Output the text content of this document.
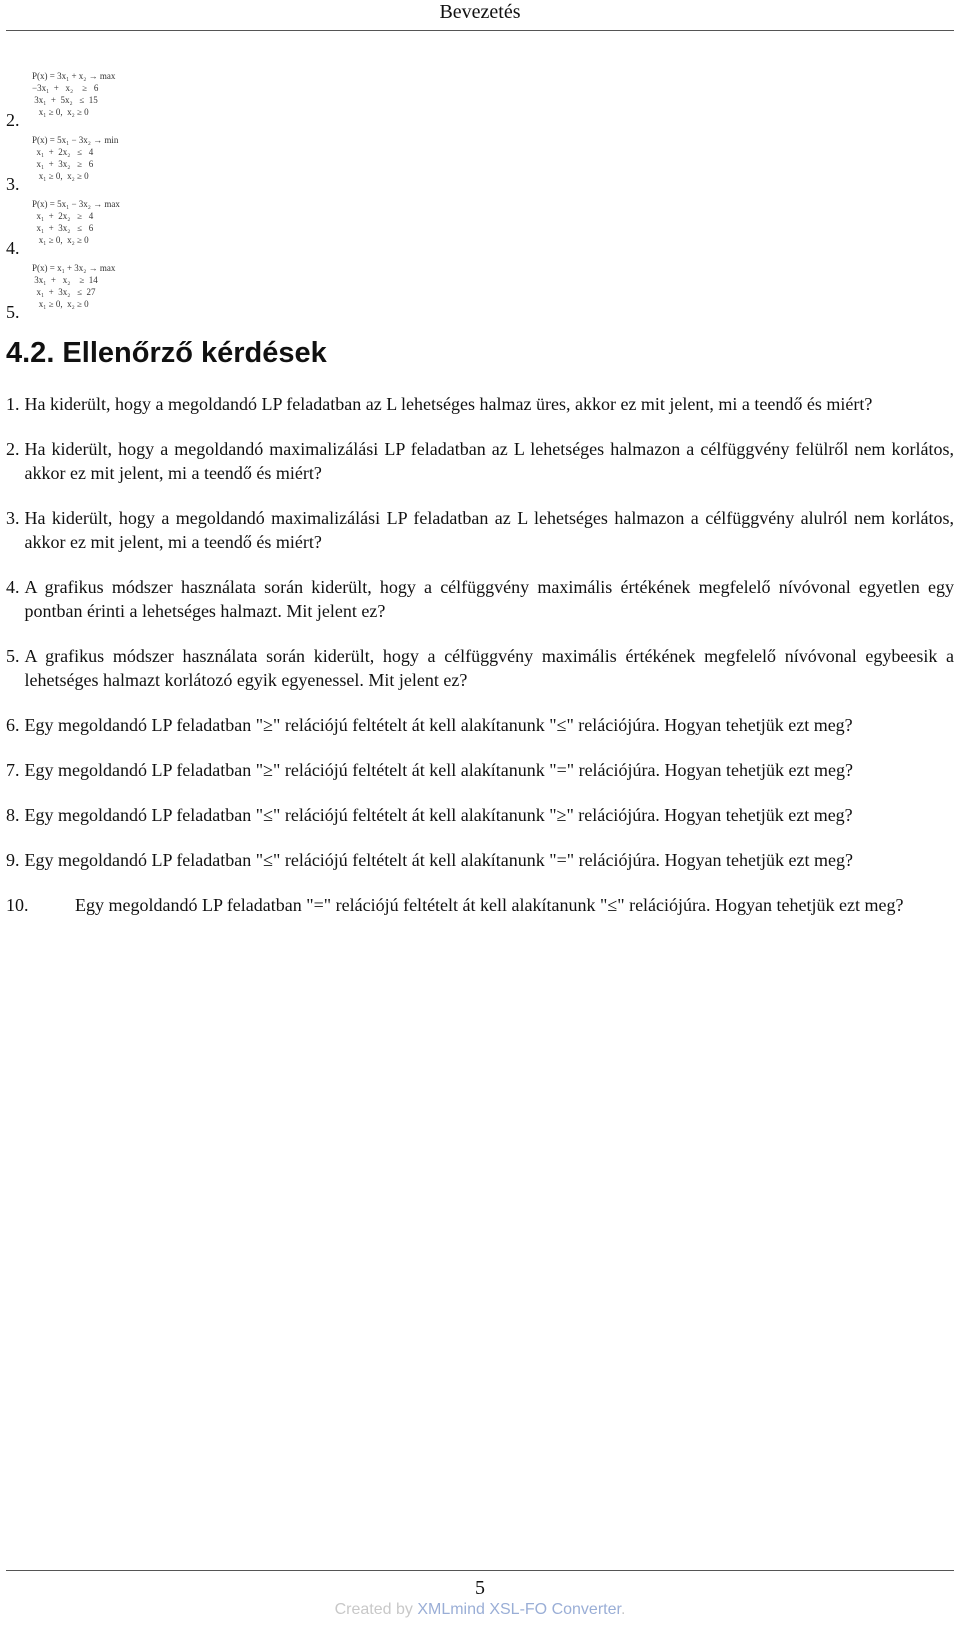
Bevezetés
P(x) = 3x₁ + x₂ → max
−3x₁  +   x₂    ≥   6
3x₁  +  5x₂   ≤  15
x₁ ≥ 0,  x₂ ≥ 0
2.
P(x) = 5x₁ − 3x₂ → min
x₁  +  2x₂   ≤   4
x₁  +  3x₂   ≥   6
x₁ ≥ 0,  x₂ ≥ 0
3.
P(x) = 5x₁ − 3x₂ → max
x₁  +  2x₂   ≥   4
x₁  +  3x₂   ≤   6
x₁ ≥ 0,  x₂ ≥ 0
4.
P(x) = x₁ + 3x₂ → max
3x₁  +   x₂    ≥  14
x₁  +  3x₂   ≤  27
x₁ ≥ 0,  x₂ ≥ 0
5.
4.2. Ellenőrző kérdések
1. Ha kiderült, hogy a megoldandó LP feladatban az L lehetséges halmaz üres, akkor ez mit jelent, mi a teendő és miért?
2. Ha kiderült, hogy a megoldandó maximalizálási LP feladatban az L lehetséges halmazon a célfüggvény felülről nem korlátos, akkor ez mit jelent, mi a teendő és miért?
3. Ha kiderült, hogy a megoldandó maximalizálási LP feladatban az L lehetséges halmazon a célfüggvény alulról nem korlátos, akkor ez mit jelent, mi a teendő és miért?
4. A grafikus módszer használata során kiderült, hogy a célfüggvény maximális értékének megfelelő nívóvonal egyetlen egy pontban érinti a lehetséges halmazt. Mit jelent ez?
5. A grafikus módszer használata során kiderült, hogy a célfüggvény maximális értékének megfelelő nívóvonal egybeesik a lehetséges halmazt korlátozó egyik egyenessel. Mit jelent ez?
6. Egy megoldandó LP feladatban "≥" relációjú feltételt át kell alakítanunk "≤" relációjúra. Hogyan tehetjük ezt meg?
7. Egy megoldandó LP feladatban "≥" relációjú feltételt át kell alakítanunk "=" relációjúra. Hogyan tehetjük ezt meg?
8. Egy megoldandó LP feladatban "≤" relációjú feltételt át kell alakítanunk "≥" relációjúra. Hogyan tehetjük ezt meg?
9. Egy megoldandó LP feladatban "≤" relációjú feltételt át kell alakítanunk "=" relációjúra. Hogyan tehetjük ezt meg?
10.	Egy megoldandó LP feladatban "=" relációjú feltételt át kell alakítanunk "≤" relációjúra. Hogyan tehetjük ezt meg?
5
Created by XMLmind XSL-FO Converter.
